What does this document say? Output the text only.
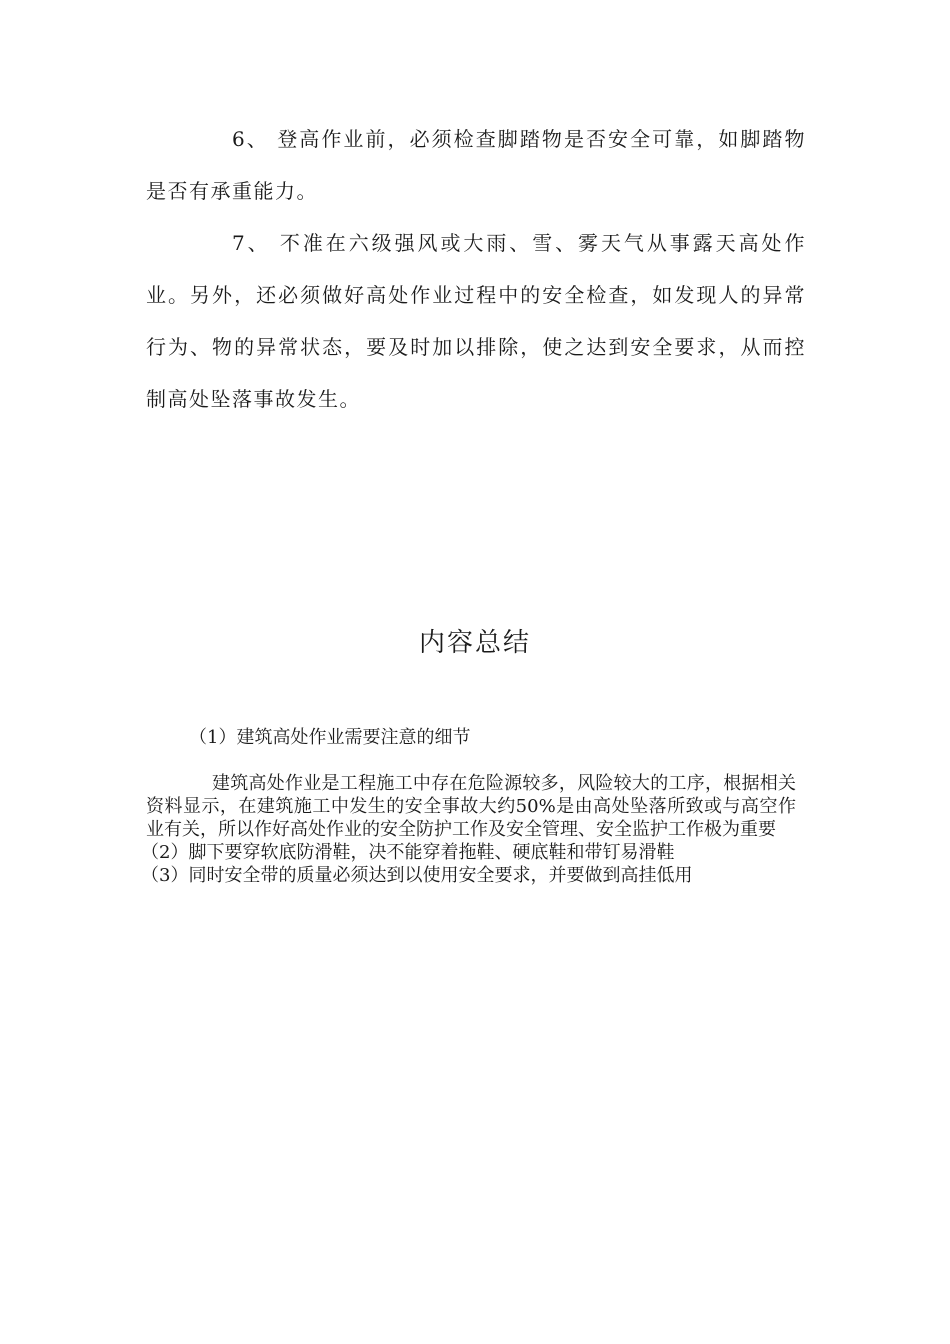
6、 登高作业前，必须检查脚踏物是否安全可靠，如脚踏物是否有承重能力。

7、 不准在六级强风或大雨、雪、雾天气从事露天高处作业。另外，还必须做好高处作业过程中的安全检查，如发现人的异常行为、物的异常状态，要及时加以排除，使之达到安全要求，从而控制高处坠落事故发生。

内容总结
（1）建筑高处作业需要注意的细节

建筑高处作业是工程施工中存在危险源较多，风险较大的工序，根据相关资料显示，在建筑施工中发生的安全事故大约50%是由高处坠落所致或与高空作业有关，所以作好高处作业的安全防护工作及安全管理、安全监护工作极为重要

（2）脚下要穿软底防滑鞋，决不能穿着拖鞋、硬底鞋和带钉易滑鞋

（3）同时安全带的质量必须达到以使用安全要求，并要做到高挂低用
